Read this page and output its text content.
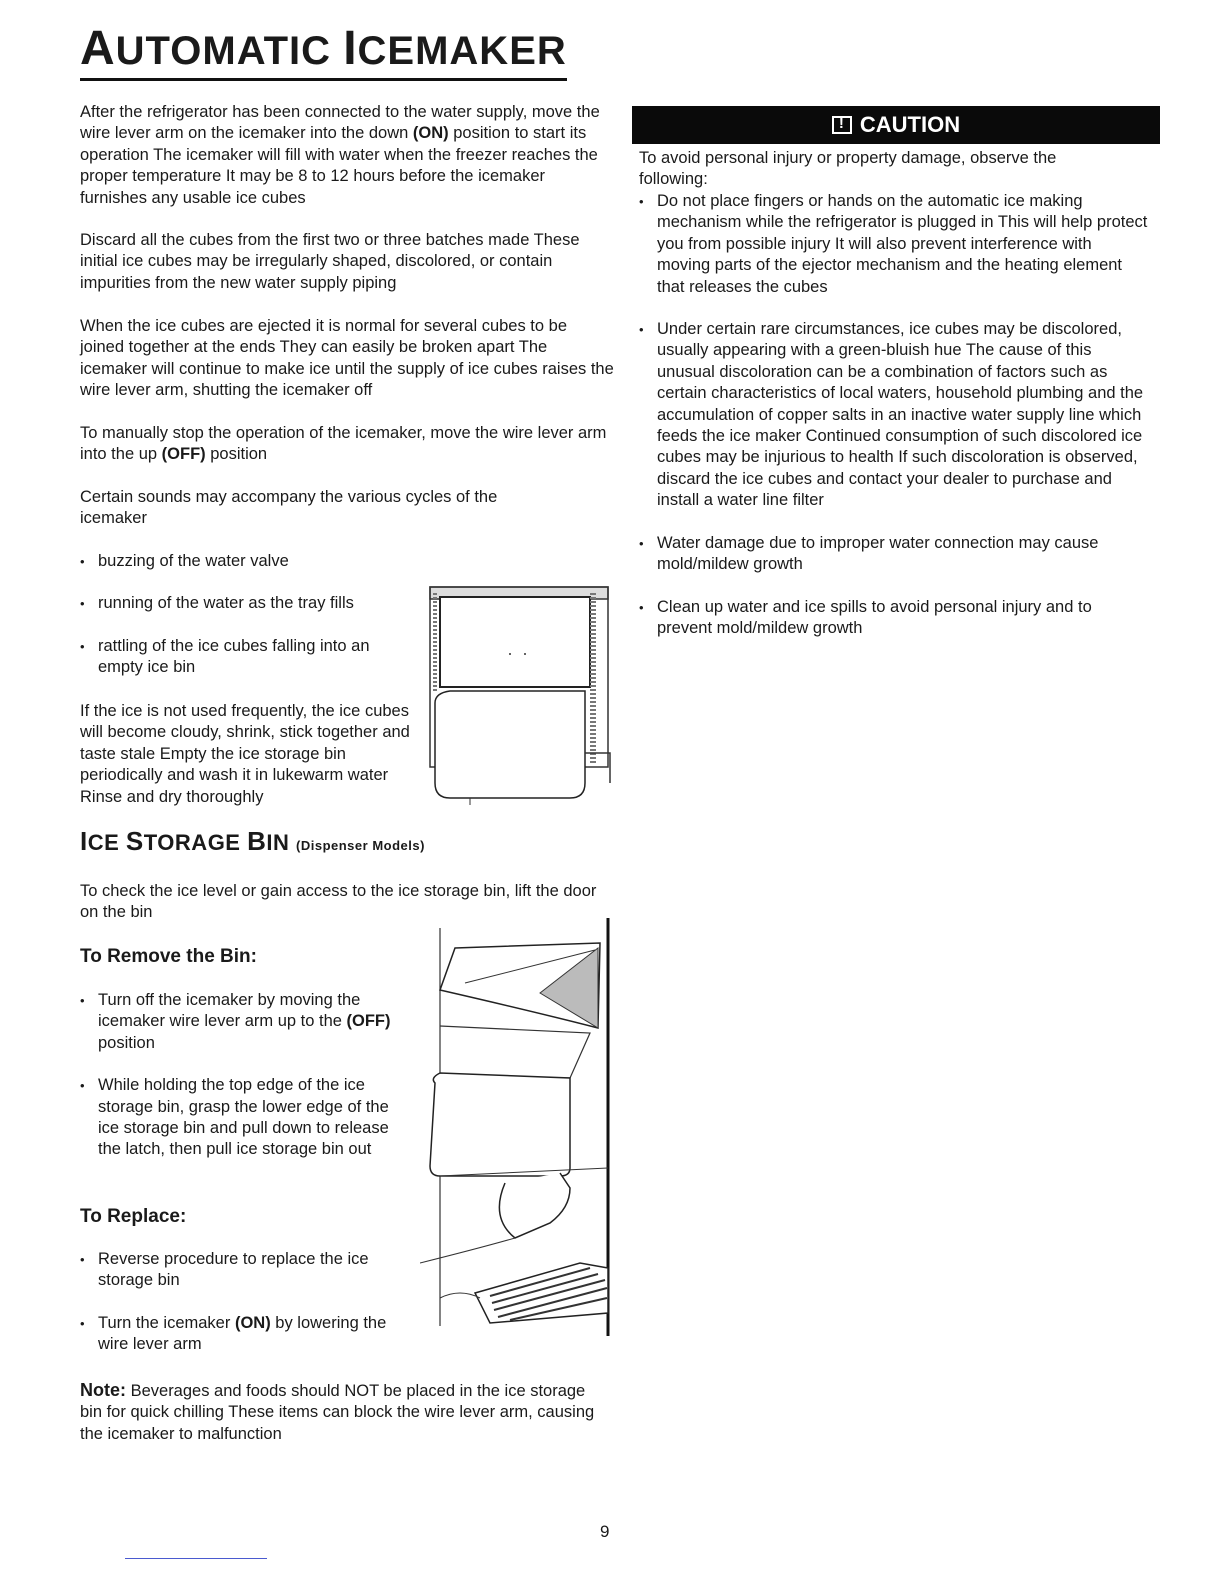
AUTOMATIC ICEMAKER

After the refrigerator has been connected to the water supply, move the wire lever arm on the icemaker into the down (ON) position to start its operation The icemaker will fill with water when the freezer reaches the proper temperature It may be 8 to 12 hours before the icemaker furnishes any usable ice cubes

Discard all the cubes from the first two or three batches made These initial ice cubes may be irregularly shaped, discolored, or contain impurities from the new water supply piping

When the ice cubes are ejected it is normal for several cubes to be joined together at the ends They can easily be broken apart The icemaker will continue to make ice until the supply of ice cubes raises the wire lever arm, shutting the icemaker off

To manually stop the operation of the icemaker, move the wire lever arm into the up (OFF) position

Certain sounds may accompany the various cycles of the icemaker

• buzzing of the water valve
• running of the water as the tray fills
• rattling of the ice cubes falling into an empty ice bin

If the ice is not used frequently, the ice cubes will become cloudy, shrink, stick together and taste stale Empty the ice storage bin periodically and wash it in lukewarm water Rinse and dry thoroughly

ICE STORAGE BIN (Dispenser Models)

To check the ice level or gain access to the ice storage bin, lift the door on the bin

To Remove the Bin:
• Turn off the icemaker by moving the icemaker wire lever arm up to the (OFF) position
• While holding the top edge of the ice storage bin, grasp the lower edge of the ice storage bin and pull down to release the latch, then pull ice storage bin out
To Replace:
• Reverse procedure to replace the ice storage bin
• Turn the icemaker (ON) by lowering the wire lever arm

Note: Beverages and foods should NOT be placed in the ice storage bin for quick chilling These items can block the wire lever arm, causing the icemaker to malfunction

!
CAUTION

To avoid personal injury or property damage, observe the following:

• Do not place fingers or hands on the automatic ice making mechanism while the refrigerator is plugged in This will help protect you from possible injury It will also prevent interference with moving parts of the ejector mechanism and the heating element that releases the cubes
• Under certain rare circumstances, ice cubes may be discolored, usually appearing with a green-bluish hue The cause of this unusual discoloration can be a combination of factors such as certain characteristics of local waters, household plumbing and the accumulation of copper salts in an inactive water supply line which feeds the ice maker Continued consumption of such discolored ice cubes may be injurious to health If such discoloration is observed, discard the ice cubes and contact your dealer to purchase and install a water line filter
• Water damage due to improper water connection may cause mold/mildew growth
• Clean up water and ice spills to avoid personal injury and to prevent mold/mildew growth
9
